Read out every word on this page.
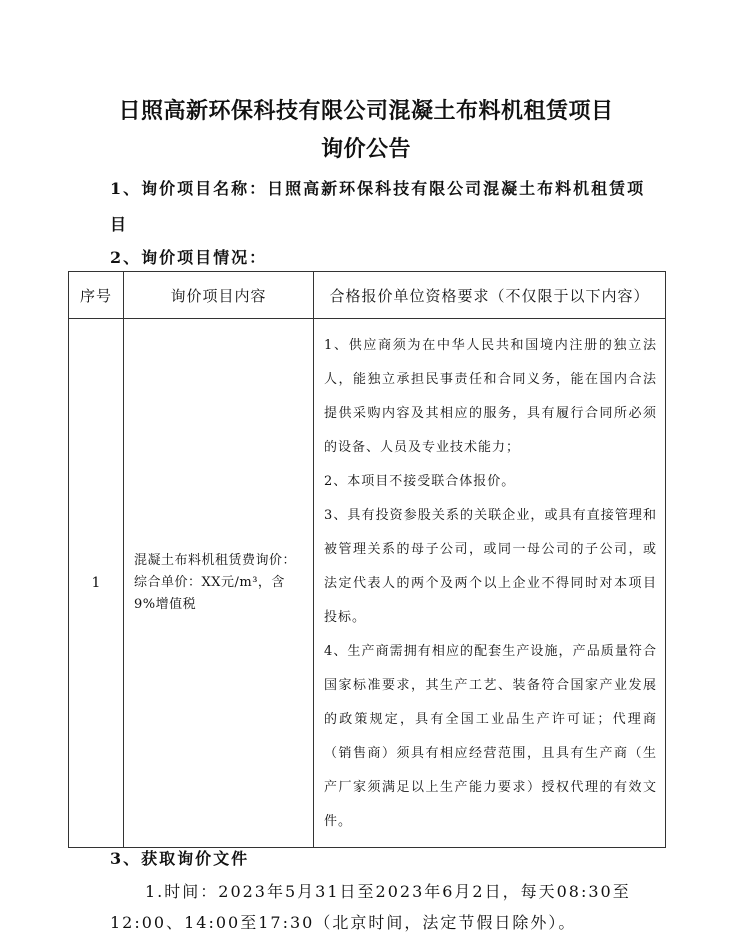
日照高新环保科技有限公司混凝土布料机租赁项目
询价公告
1、询价项目名称：日照高新环保科技有限公司混凝土布料机租赁项
目
2、询价项目情况：
序号	询价项目内容	合格报价单位资格要求（不仅限于以下内容）
1	混凝土布料机租赁费询价：综合单价：XX元/m³，含9%增值税	1、供应商须为在中华人民共和国境内注册的独立法人，能独立承担民事责任和合同义务，能在国内合法提供采购内容及其相应的服务，具有履行合同所必须的设备、人员及专业技术能力；
2、本项目不接受联合体报价。
3、具有投资参股关系的关联企业，或具有直接管理和被管理关系的母子公司，或同一母公司的子公司，或法定代表人的两个及两个以上企业不得同时对本项目投标。
4、生产商需拥有相应的配套生产设施，产品质量符合国家标准要求，其生产工艺、装备符合国家产业发展的政策规定，具有全国工业品生产许可证；代理商（销售商）须具有相应经营范围，且具有生产商（生产厂家须满足以上生产能力要求）授权代理的有效文件。
3、获取询价文件
1.时间：2023年5月31日至2023年6月2日，每天08:30至
12:00、14:00至17:30（北京时间，法定节假日除外）。
